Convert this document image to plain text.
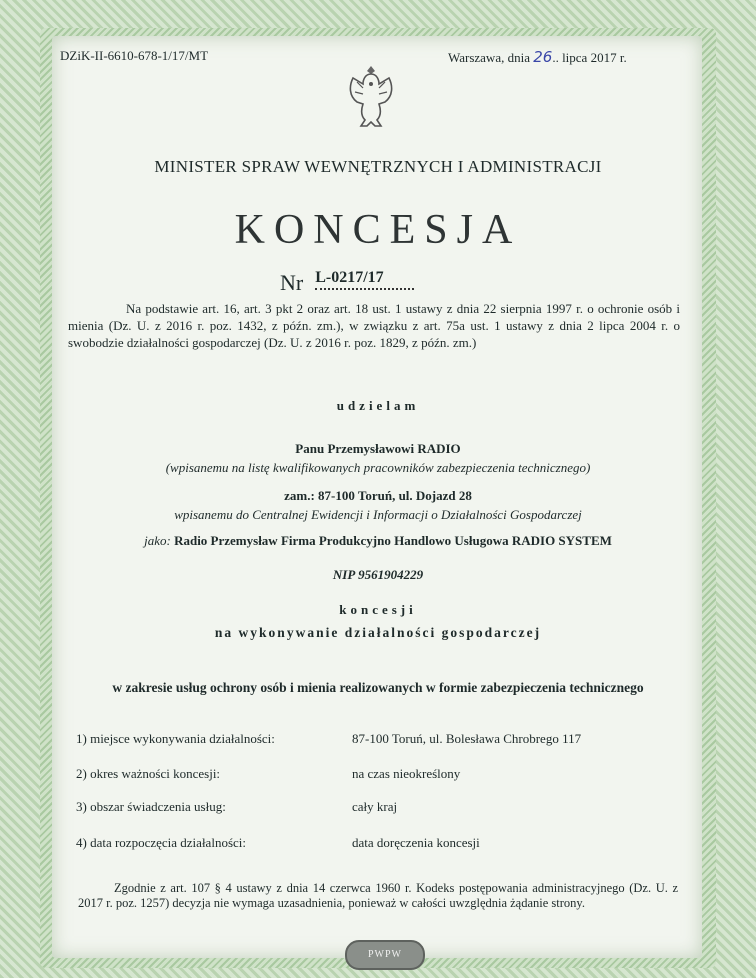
DZiK-II-6610-678-1/17/MT	Warszawa, dnia 26.. lipca 2017 r.
MINISTER SPRAW WEWNĘTRZNYCH I ADMINISTRACJI
KONCESJA
Nr $^{L-0217/17}$
Na podstawie art. 16, art. 3 pkt 2 oraz art. 18 ust. 1 ustawy z dnia 22 sierpnia 1997 r. o ochronie osób i mienia (Dz. U. z 2016 r. poz. 1432, z późn. zm.), w związku z art. 75a ust. 1 ustawy z dnia 2 lipca 2004 r. o swobodzie działalności gospodarczej (Dz. U. z 2016 r. poz. 1829, z późn. zm.)
udzielam
Panu Przemysławowi RADIO
(wpisanemu na listę kwalifikowanych pracowników zabezpieczenia technicznego)
zam.: 87-100 Toruń, ul. Dojazd 28
wpisanemu do Centralnej Ewidencji i Informacji o Działalności Gospodarczej
jako: Radio Przemysław Firma Produkcyjno Handlowo Usługowa RADIO SYSTEM
NIP 9561904229
koncesji
na wykonywanie działalności gospodarczej
w zakresie usług ochrony osób i mienia realizowanych w formie zabezpieczenia technicznego
1) miejsce wykonywania działalności:	87-100 Toruń, ul. Bolesława Chrobrego 117
2) okres ważności koncesji:	na czas nieokreślony
3) obszar świadczenia usług:	cały kraj
4) data rozpoczęcia działalności:	data doręczenia koncesji
Zgodnie z art. 107 § 4 ustawy z dnia 14 czerwca 1960 r. Kodeks postępowania administracyjnego (Dz. U. z 2017 r. poz. 1257) decyzja nie wymaga uzasadnienia, ponieważ w całości uwzględnia żądanie strony.
PWPW
